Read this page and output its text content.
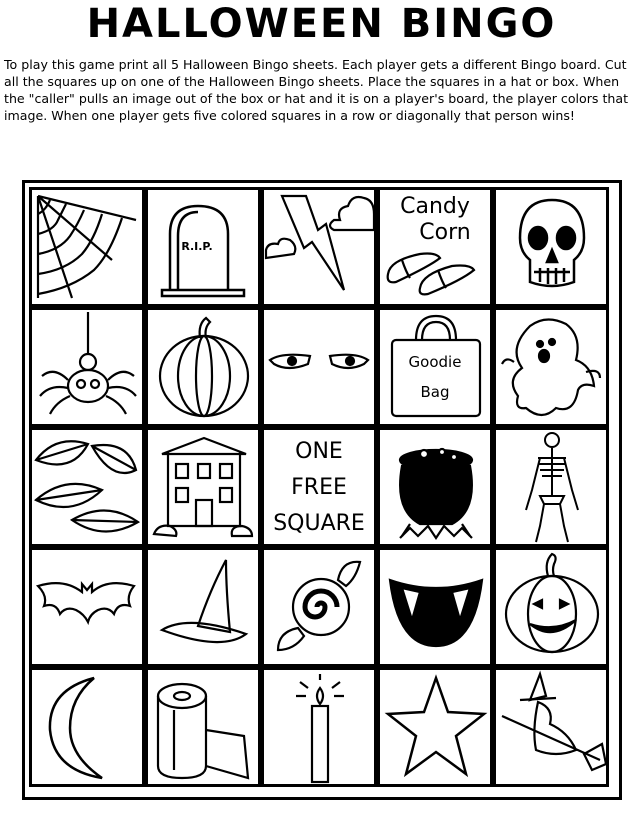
HALLOWEEN BINGO

To play this game print all 5 Halloween Bingo sheets. Each player gets a different Bingo board. Cut all the squares up on one of the Halloween Bingo sheets. Place the squares in a hat or box. When the "caller" pulls an image out of the box or hat and it is on a player's board, the player colors that image. When one player gets five colored squares in a row or diagonally that person wins!

R.I.P.
Candy
Corn
Goodie
Bag
ONE
FREE
SQUARE
